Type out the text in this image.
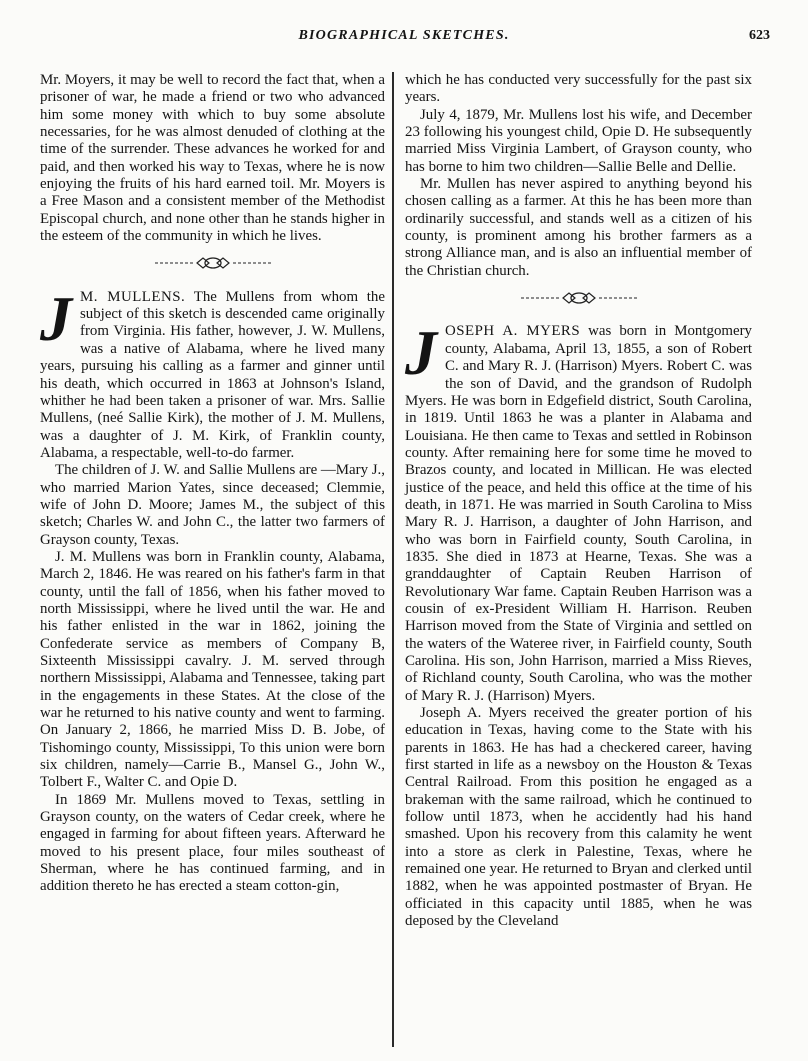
BIOGRAPHICAL SKETCHES.	623

Mr. Moyers, it may be well to record the fact that, when a prisoner of war, he made a friend or two who advanced him some money with which to buy some absolute necessaries, for he was almost denuded of clothing at the time of the surrender. These advances he worked for and paid, and then worked his way to Texas, where he is now enjoying the fruits of his hard earned toil. Mr. Moyers is a Free Mason and a consistent member of the Methodist Episcopal church, and none other than he stands higher in the esteem of the community in which he lives.

J M. MULLENS. The Mullens from whom the subject of this sketch is descended came originally from Virginia. His father, however, J. W. Mullens, was a native of Alabama, where he lived many years, pursuing his calling as a farmer and ginner until his death, which occurred in 1863 at Johnson's Island, whither he had been taken a prisoner of war. Mrs. Sallie Mullens, (neé Sallie Kirk), the mother of J. M. Mullens, was a daughter of J. M. Kirk, of Franklin county, Alabama, a respectable, well-to-do farmer.

The children of J. W. and Sallie Mullens are —Mary J., who married Marion Yates, since deceased; Clemmie, wife of John D. Moore; James M., the subject of this sketch; Charles W. and John C., the latter two farmers of Grayson county, Texas.

J. M. Mullens was born in Franklin county, Alabama, March 2, 1846. He was reared on his father's farm in that county, until the fall of 1856, when his father moved to north Mississippi, where he lived until the war. He and his father enlisted in the war in 1862, joining the Confederate service as members of Company B, Sixteenth Mississippi cavalry. J. M. served through northern Mississippi, Alabama and Tennessee, taking part in the engagements in these States. At the close of the war he returned to his native county and went to farming. On January 2, 1866, he married Miss D. B. Jobe, of Tishomingo county, Mississippi, To this union were born six children, namely—Carrie B., Mansel G., John W., Tolbert F., Walter C. and Opie D.

In 1869 Mr. Mullens moved to Texas, settling in Grayson county, on the waters of Cedar creek, where he engaged in farming for about fifteen years. Afterward he moved to his present place, four miles southeast of Sherman, where he has continued farming, and in addition thereto he has erected a steam cotton-gin,

which he has conducted very successfully for the past six years.

July 4, 1879, Mr. Mullens lost his wife, and December 23 following his youngest child, Opie D. He subsequently married Miss Virginia Lambert, of Grayson county, who has borne to him two children—Sallie Belle and Dellie.

Mr. Mullen has never aspired to anything beyond his chosen calling as a farmer. At this he has been more than ordinarily successful, and stands well as a citizen of his county, is prominent among his brother farmers as a strong Alliance man, and is also an influential member of the Christian church.

JOSEPH A. MYERS was born in Montgomery county, Alabama, April 13, 1855, a son of Robert C. and Mary R. J. (Harrison) Myers. Robert C. was the son of David, and the grandson of Rudolph Myers. He was born in Edgefield district, South Carolina, in 1819. Until 1863 he was a planter in Alabama and Louisiana. He then came to Texas and settled in Robinson county. After remaining here for some time he moved to Brazos county, and located in Millican. He was elected justice of the peace, and held this office at the time of his death, in 1871. He was married in South Carolina to Miss Mary R. J. Harrison, a daughter of John Harrison, and who was born in Fairfield county, South Carolina, in 1835. She died in 1873 at Hearne, Texas. She was a granddaughter of Captain Reuben Harrison of Revolutionary War fame. Captain Reuben Harrison was a cousin of ex-President William H. Harrison. Reuben Harrison moved from the State of Virginia and settled on the waters of the Wateree river, in Fairfield county, South Carolina. His son, John Harrison, married a Miss Rieves, of Richland county, South Carolina, who was the mother of Mary R. J. (Harrison) Myers.

Joseph A. Myers received the greater portion of his education in Texas, having come to the State with his parents in 1863. He has had a checkered career, having first started in life as a newsboy on the Houston & Texas Central Railroad. From this position he engaged as a brakeman with the same railroad, which he continued to follow until 1873, when he accidently had his hand smashed. Upon his recovery from this calamity he went into a store as clerk in Palestine, Texas, where he remained one year. He returned to Bryan and clerked until 1882, when he was appointed postmaster of Bryan. He officiated in this capacity until 1885, when he was deposed by the Cleveland
